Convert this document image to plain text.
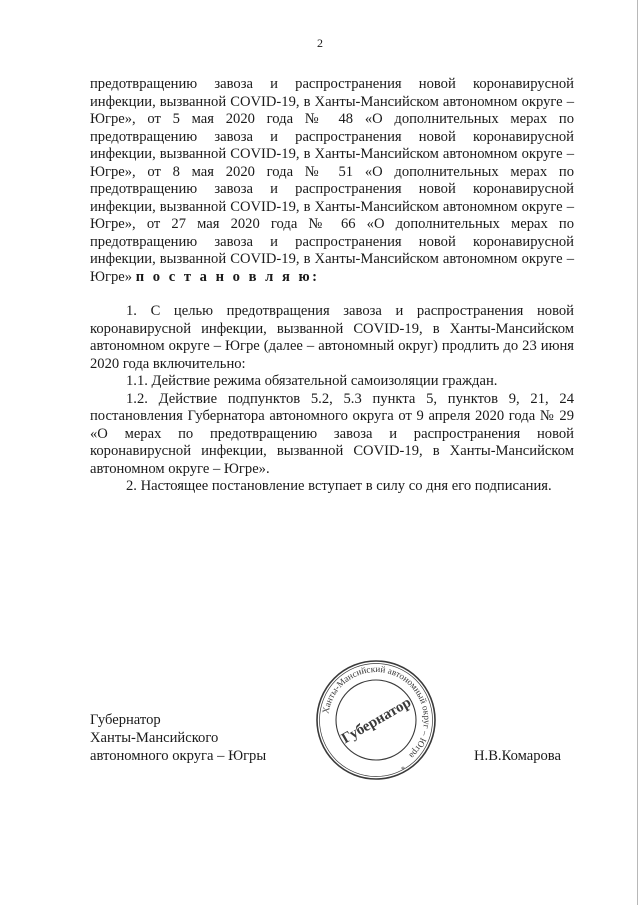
2

предотвращению завоза и распространения новой коронавирусной инфекции, вызванной COVID-19, в Ханты-Мансийском автономном округе – Югре», от 5 мая 2020 года № 48 «О дополнительных мерах по предотвращению завоза и распространения новой коронавирусной инфекции, вызванной COVID-19, в Ханты-Мансийском автономном округе – Югре», от 8 мая 2020 года № 51 «О дополнительных мерах по предотвращению завоза и распространения новой коронавирусной инфекции, вызванной COVID-19, в Ханты-Мансийском автономном округе – Югре», от 27 мая 2020 года № 66 «О дополнительных мерах по предотвращению завоза и распространения новой коронавирусной инфекции, вызванной COVID-19, в Ханты-Мансийском автономном округе – Югре» п о с т а н о в л я ю:

1. С целью предотвращения завоза и распространения новой коронавирусной инфекции, вызванной COVID-19, в Ханты-Мансийском автономном округе – Югре (далее – автономный округ) продлить до 23 июня 2020 года включительно:

1.1. Действие режима обязательной самоизоляции граждан.

1.2. Действие подпунктов 5.2, 5.3 пункта 5, пунктов 9, 21, 24 постановления Губернатора автономного округа от 9 апреля 2020 года № 29 «О мерах по предотвращению завоза и распространения новой коронавирусной инфекции, вызванной COVID-19, в Ханты-Мансийском автономном округе – Югре».

2. Настоящее постановление вступает в силу со дня его подписания.

Губернатор
Ханты-Мансийского
автономного округа – Югры
Ханты-Мансийский автономный округ – Югра
Губернатор
*
Н.В.Комарова
